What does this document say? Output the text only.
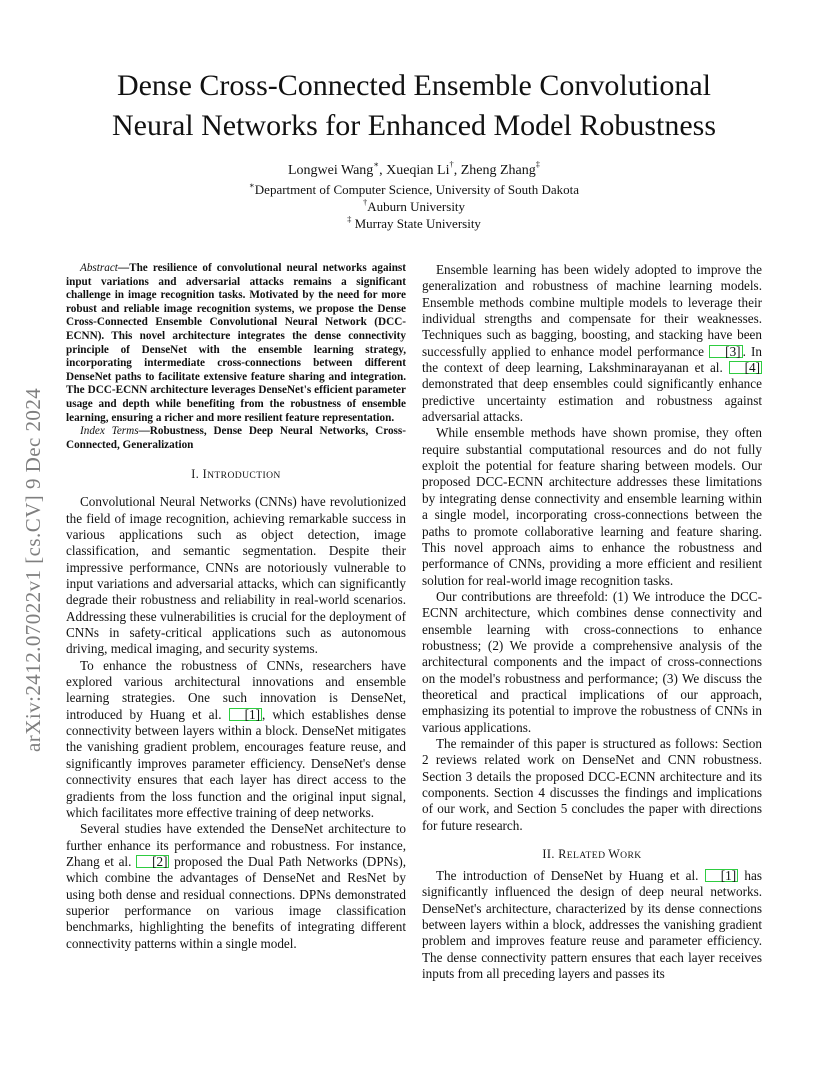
arXiv:2412.07022v1 [cs.CV] 9 Dec 2024
Dense Cross-Connected Ensemble Convolutional
Neural Networks for Enhanced Model Robustness
Longwei Wang∗, Xueqian Li†, Zheng Zhang‡
∗Department of Computer Science, University of South Dakota
†Auburn University
‡ Murray State University

Abstract—The resilience of convolutional neural networks against input variations and adversarial attacks remains a significant challenge in image recognition tasks. Motivated by the need for more robust and reliable image recognition systems, we propose the Dense Cross-Connected Ensemble Convolutional Neural Network (DCC-ECNN). This novel architecture integrates the dense connectivity principle of DenseNet with the ensemble learning strategy, incorporating intermediate cross-connections between different DenseNet paths to facilitate extensive feature sharing and integration. The DCC-ECNN architecture leverages DenseNet's efficient parameter usage and depth while benefiting from the robustness of ensemble learning, ensuring a richer and more resilient feature representation.

Index Terms—Robustness, Dense Deep Neural Networks, Cross-Connected, Generalization

I. INTRODUCTION

Convolutional Neural Networks (CNNs) have revolutionized the field of image recognition, achieving remarkable success in various applications such as object detection, image classification, and semantic segmentation. Despite their impressive performance, CNNs are notoriously vulnerable to input variations and adversarial attacks, which can significantly degrade their robustness and reliability in real-world scenarios. Addressing these vulnerabilities is crucial for the deployment of CNNs in safety-critical applications such as autonomous driving, medical imaging, and security systems.

To enhance the robustness of CNNs, researchers have explored various architectural innovations and ensemble learning strategies. One such innovation is DenseNet, introduced by Huang et al. [1] , which establishes dense connectivity between layers within a block. DenseNet mitigates the vanishing gradient problem, encourages feature reuse, and significantly improves parameter efficiency. DenseNet's dense connectivity ensures that each layer has direct access to the gradients from the loss function and the original input signal, which facilitates more effective training of deep networks.

Several studies have extended the DenseNet architecture to further enhance its performance and robustness. For instance, Zhang et al. [2] proposed the Dual Path Networks (DPNs), which combine the advantages of DenseNet and ResNet by using both dense and residual connections. DPNs demonstrated superior performance on various image classification benchmarks, highlighting the benefits of integrating different connectivity patterns within a single model.

Ensemble learning has been widely adopted to improve the generalization and robustness of machine learning models. Ensemble methods combine multiple models to leverage their individual strengths and compensate for their weaknesses. Techniques such as bagging, boosting, and stacking have been successfully applied to enhance model performance [3] . In the context of deep learning, Lakshminarayanan et al. [4] demonstrated that deep ensembles could significantly enhance predictive uncertainty estimation and robustness against adversarial attacks.

While ensemble methods have shown promise, they often require substantial computational resources and do not fully exploit the potential for feature sharing between models. Our proposed DCC-ECNN architecture addresses these limitations by integrating dense connectivity and ensemble learning within a single model, incorporating cross-connections between the paths to promote collaborative learning and feature sharing. This novel approach aims to enhance the robustness and performance of CNNs, providing a more efficient and resilient solution for real-world image recognition tasks.

Our contributions are threefold: (1) We introduce the DCC-ECNN architecture, which combines dense connectivity and ensemble learning with cross-connections to enhance robustness; (2) We provide a comprehensive analysis of the architectural components and the impact of cross-connections on the model's robustness and performance; (3) We discuss the theoretical and practical implications of our approach, emphasizing its potential to improve the robustness of CNNs in various applications.

The remainder of this paper is structured as follows: Section 2 reviews related work on DenseNet and CNN robustness. Section 3 details the proposed DCC-ECNN architecture and its components. Section 4 discusses the findings and implications of our work, and Section 5 concludes the paper with directions for future research.

II. RELATED WORK

The introduction of DenseNet by Huang et al. [1] has significantly influenced the design of deep neural networks. DenseNet's architecture, characterized by its dense connections between layers within a block, addresses the vanishing gradient problem and improves feature reuse and parameter efficiency. The dense connectivity pattern ensures that each layer receives inputs from all preceding layers and passes its
